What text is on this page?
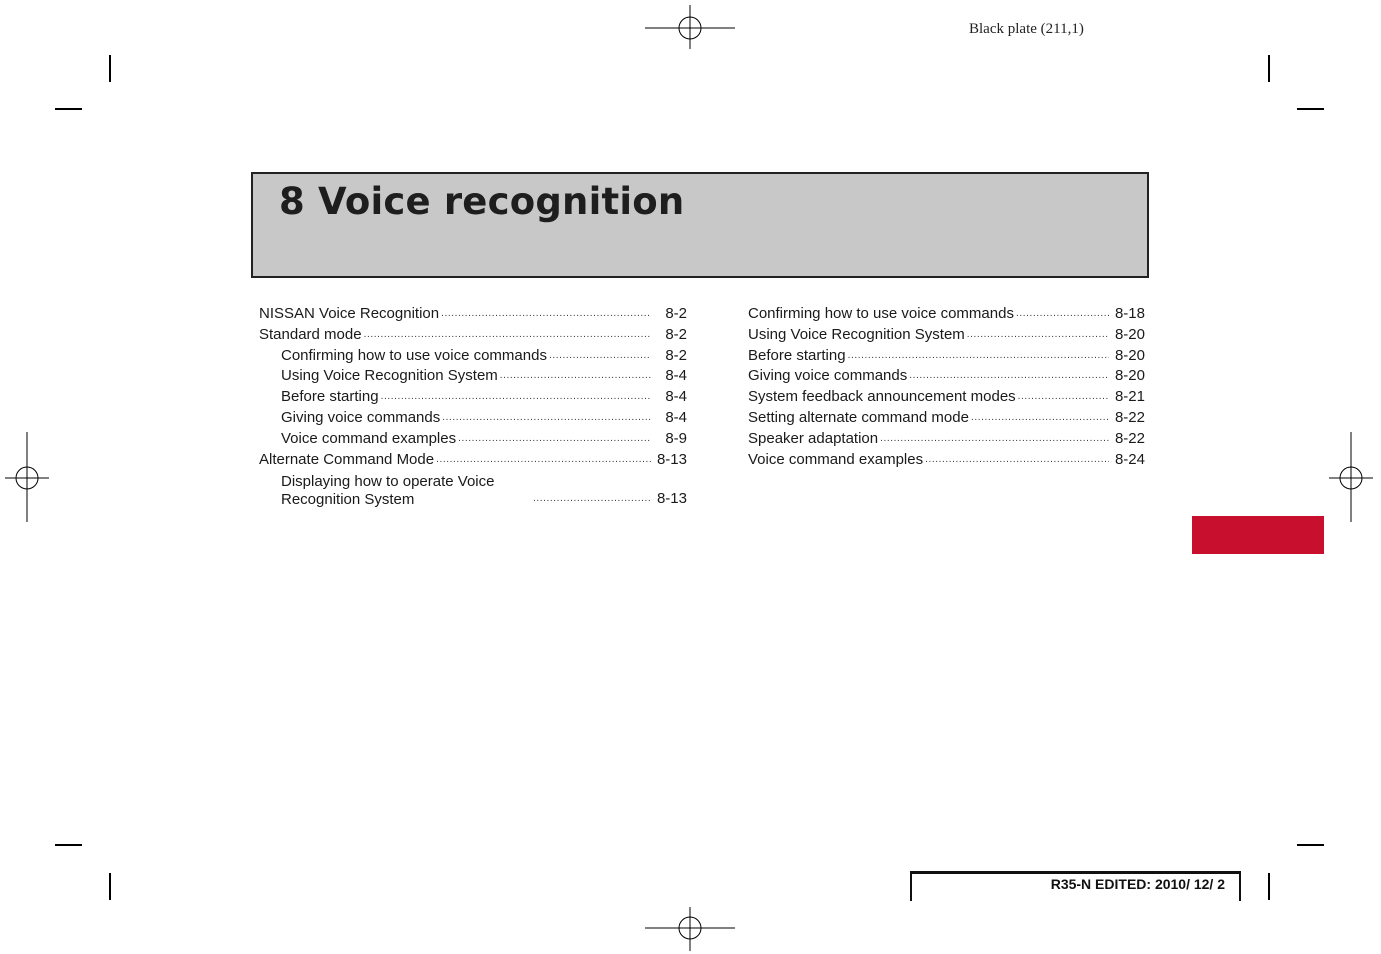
Black plate (211,1)
8 Voice recognition
NISSAN Voice Recognition .....	8-2
Standard mode .....	8-2
Confirming how to use voice commands .....	8-2
Using Voice Recognition System .....	8-4
Before starting .....	8-4
Giving voice commands .....	8-4
Voice command examples .....	8-9
Alternate Command Mode .....	8-13
Displaying how to operate Voice Recognition System .....	8-13
Confirming how to use voice commands .....	8-18
Using Voice Recognition System .....	8-20
Before starting .....	8-20
Giving voice commands .....	8-20
System feedback announcement modes .....	8-21
Setting alternate command mode .....	8-22
Speaker adaptation .....	8-22
Voice command examples .....	8-24
R35-N EDITED: 2010/ 12/ 2
